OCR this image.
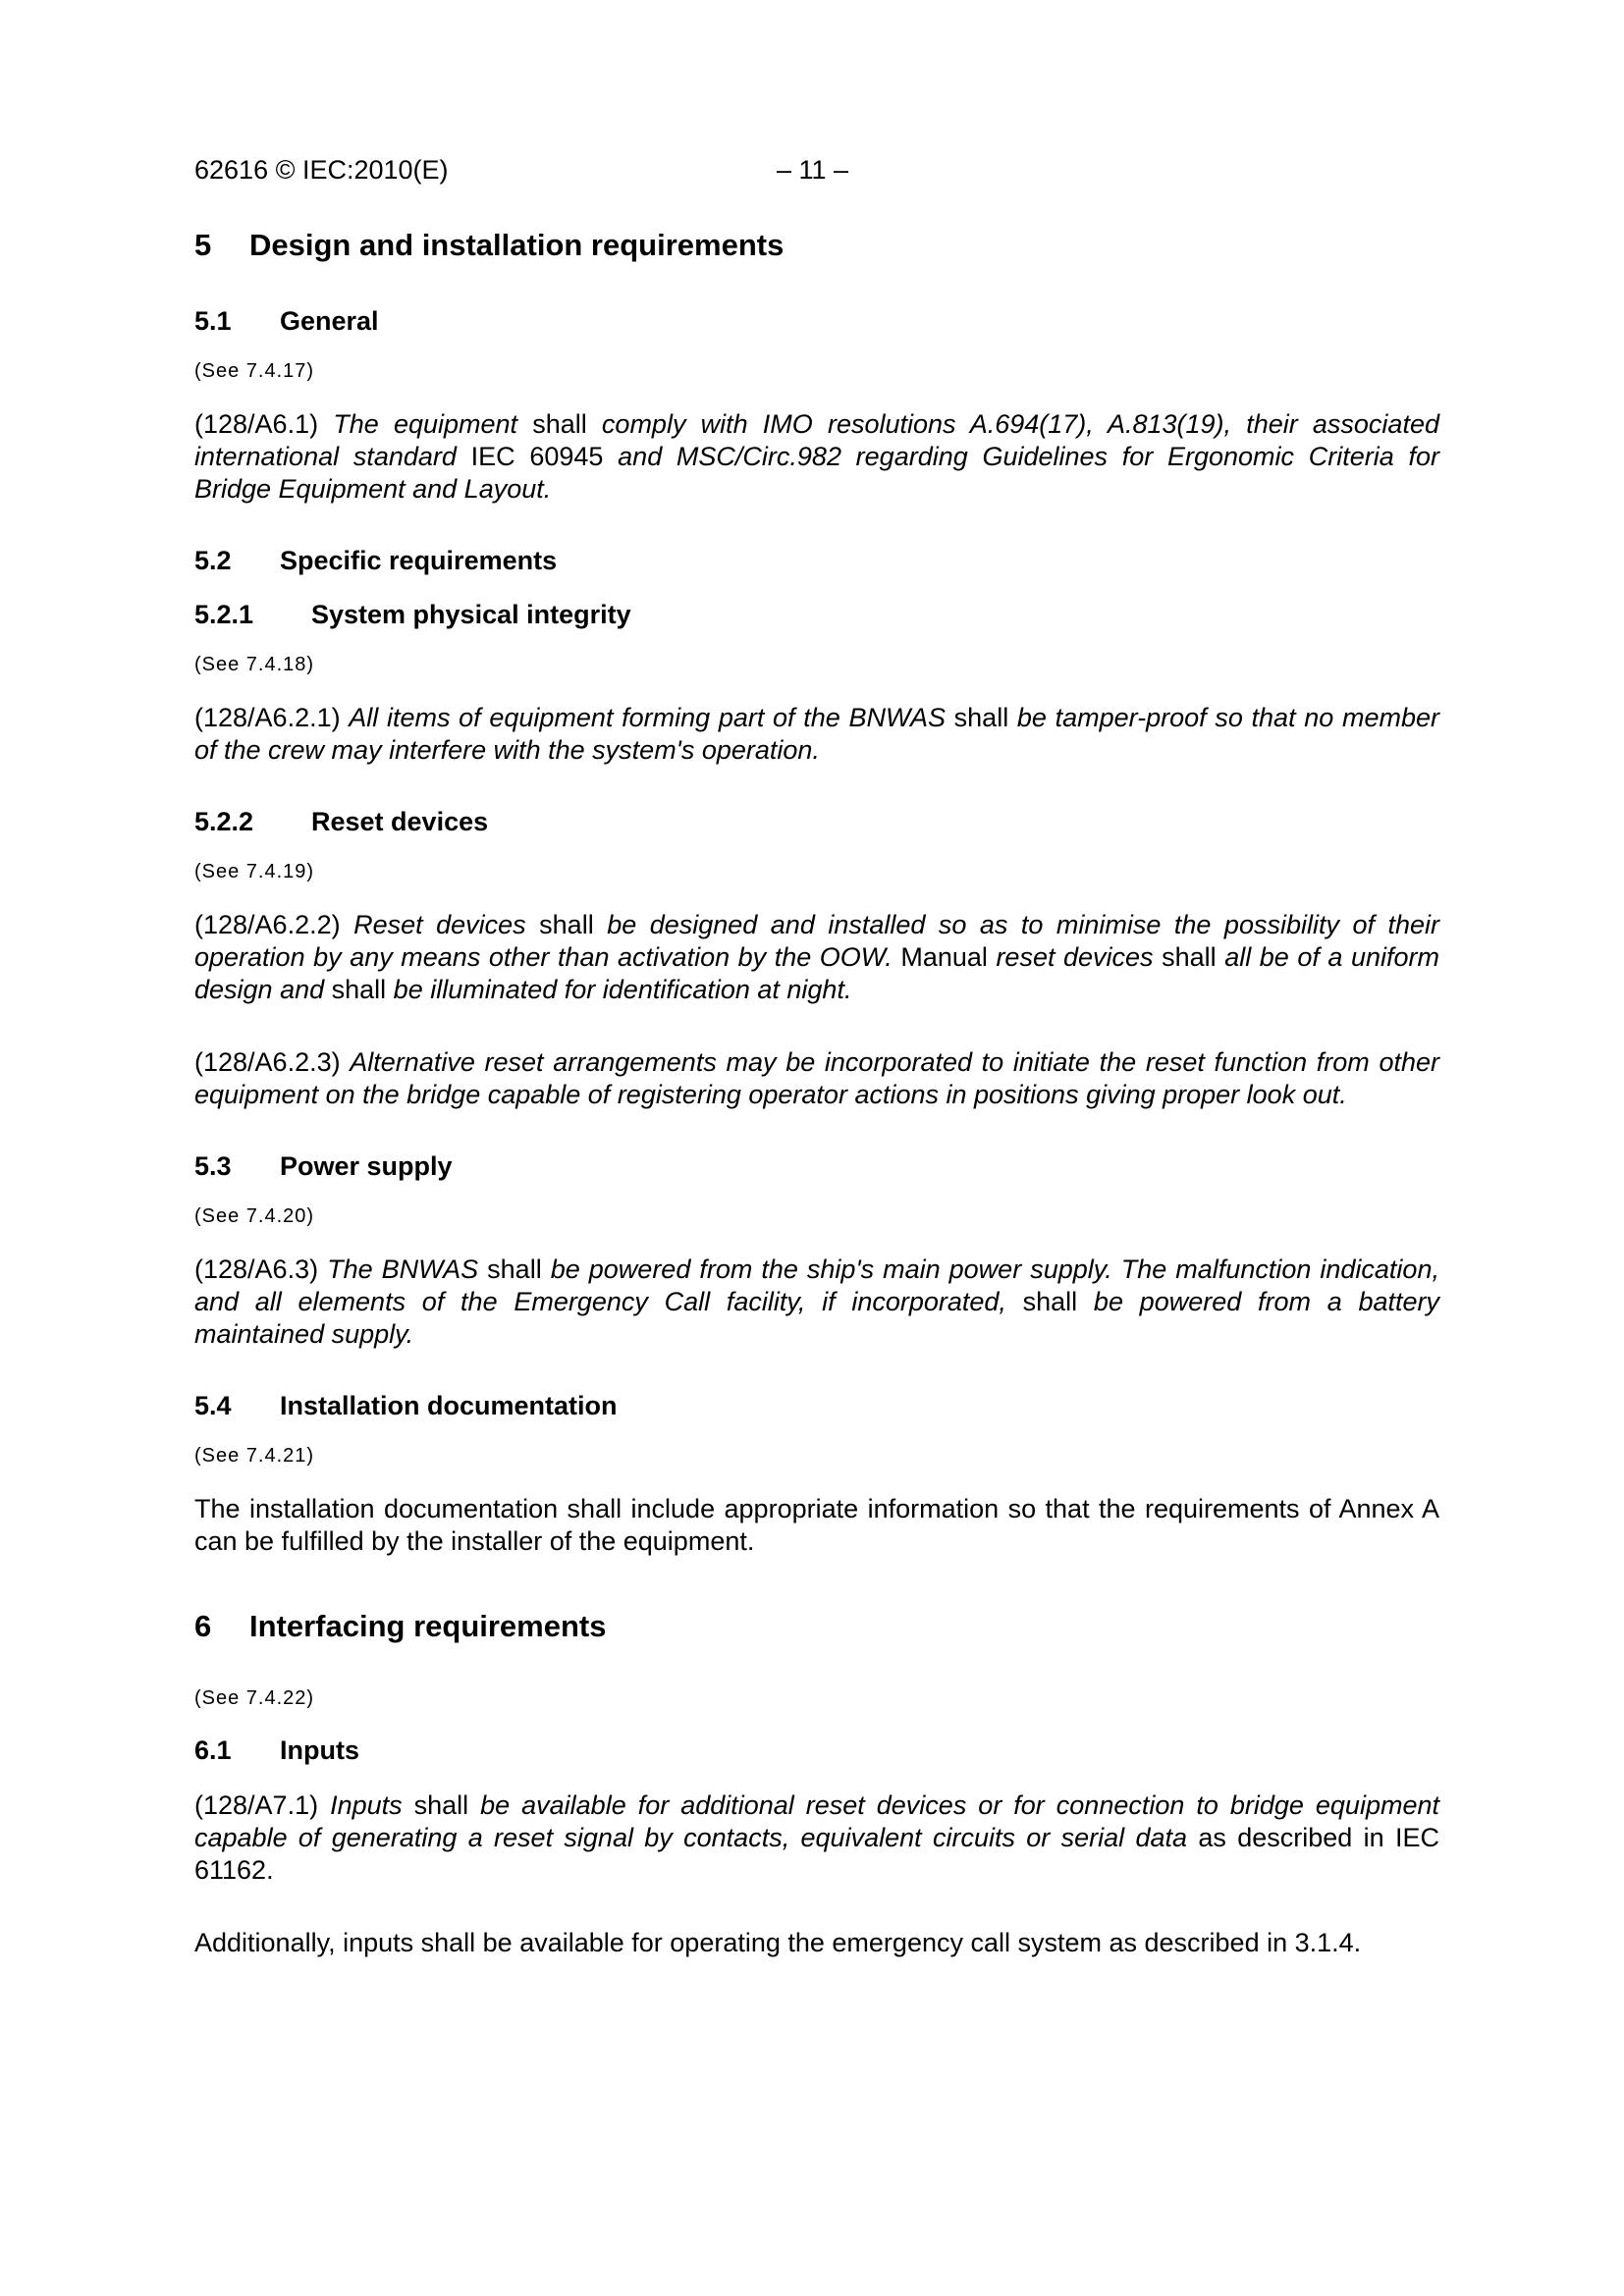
62616 © IEC:2010(E)	– 11 –
5 Design and installation requirements
5.1 General
(See 7.4.17)
(128/A6.1) The equipment shall comply with IMO resolutions A.694(17), A.813(19), their associated international standard IEC 60945 and MSC/Circ.982 regarding Guidelines for Ergonomic Criteria for Bridge Equipment and Layout.
5.2 Specific requirements
5.2.1 System physical integrity
(See 7.4.18)
(128/A6.2.1) All items of equipment forming part of the BNWAS shall be tamper-proof so that no member of the crew may interfere with the system's operation.
5.2.2 Reset devices
(See 7.4.19)
(128/A6.2.2) Reset devices shall be designed and installed so as to minimise the possibility of their operation by any means other than activation by the OOW. Manual reset devices shall all be of a uniform design and shall be illuminated for identification at night.
(128/A6.2.3) Alternative reset arrangements may be incorporated to initiate the reset function from other equipment on the bridge capable of registering operator actions in positions giving proper look out.
5.3 Power supply
(See 7.4.20)
(128/A6.3) The BNWAS shall be powered from the ship's main power supply. The malfunction indication, and all elements of the Emergency Call facility, if incorporated, shall be powered from a battery maintained supply.
5.4 Installation documentation
(See 7.4.21)
The installation documentation shall include appropriate information so that the requirements of Annex A can be fulfilled by the installer of the equipment.
6 Interfacing requirements
(See 7.4.22)
6.1 Inputs
(128/A7.1) Inputs shall be available for additional reset devices or for connection to bridge equipment capable of generating a reset signal by contacts, equivalent circuits or serial data as described in IEC 61162.
Additionally, inputs shall be available for operating the emergency call system as described in 3.1.4.
